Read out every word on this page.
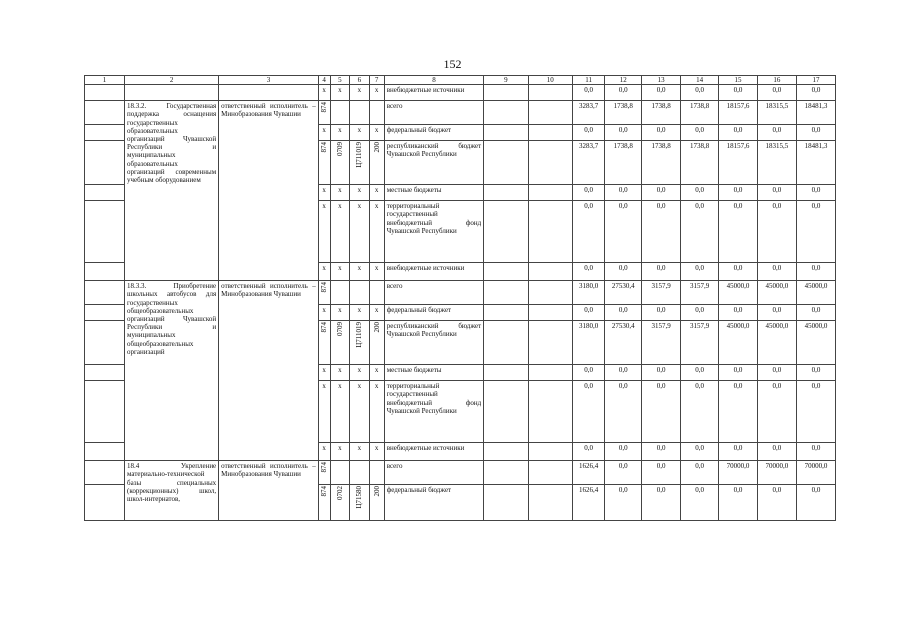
152
1	2	3	4	5	6	7	8	9	10	11	12	13	14	15	16	17
			х	х	х	х	внебюджетные источники			0,0	0,0	0,0	0,0	0,0	0,0	0,0
	18.3.2. Государственная поддержка оснащения государственных образовательных организаций Чувашской Республики и муниципальных образовательных организаций современным учебным оборудованием	ответственный исполнитель – Минобразования Чувашии	874				всего			3283,7	1738,8	1738,8	1738,8	18157,6	18315,5	18481,3
			х	х	х	х	федеральный бюджет			0,0	0,0	0,0	0,0	0,0	0,0	0,0
			874	0709	Ц711019	200	республиканский бюджет Чувашской Республики			3283,7	1738,8	1738,8	1738,8	18157,6	18315,5	18481,3
			х	х	х	х	местные бюджеты			0,0	0,0	0,0	0,0	0,0	0,0	0,0
			х	х	х	х	территориальный государственный внебюджетный фонд Чувашской Республики			0,0	0,0	0,0	0,0	0,0	0,0	0,0
			х	х	х	х	внебюджетные источники			0,0	0,0	0,0	0,0	0,0	0,0	0,0
	18.3.3. Приобретение школьных автобусов для государственных общеобразовательных организаций Чувашской Республики и муниципальных общеобразовательных организаций	ответственный исполнитель – Минобразования Чувашии	874				всего			3180,0	27530,4	3157,9	3157,9	45000,0	45000,0	45000,0
			х	х	х	х	федеральный бюджет			0,0	0,0	0,0	0,0	0,0	0,0	0,0
			874	0709	Ц711019	200	республиканский бюджет Чувашской Республики			3180,0	27530,4	3157,9	3157,9	45000,0	45000,0	45000,0
			х	х	х	х	местные бюджеты			0,0	0,0	0,0	0,0	0,0	0,0	0,0
			х	х	х	х	территориальный государственный внебюджетный фонд Чувашской Республики			0,0	0,0	0,0	0,0	0,0	0,0	0,0
			х	х	х	х	внебюджетные источники			0,0	0,0	0,0	0,0	0,0	0,0	0,0
	18.4 Укрепление материально-технической базы специальных (коррекционных) школ, школ-интернатов,	ответственный исполнитель – Минобразования Чувашии	874				всего			1626,4	0,0	0,0	0,0	70000,0	70000,0	70000,0
			874	0702	Ц71580	200	федеральный бюджет			1626,4	0,0	0,0	0,0	0,0	0,0	0,0
